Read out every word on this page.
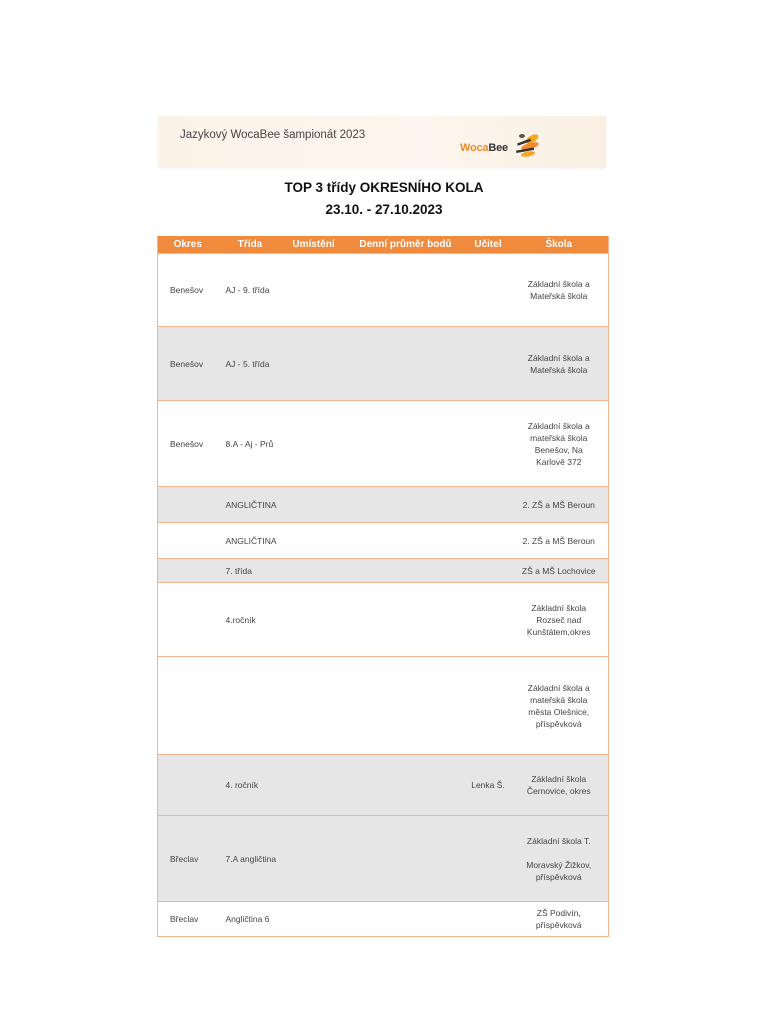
Jazykový WocaBee šampionát 2023
WocaBee
TOP 3 třídy OKRESNÍHO KOLA
23.10. - 27.10.2023
Okres	Třída	Umístění	Denní průměr bodů	Učitel	Škola
Benešov	AJ - 9. třída				Základní škola a
Mateřská škola
Benešov	AJ - 5. třída				Základní škola a
Mateřská škola
Benešov	8.A - Aj - Prů				Základní škola a
mateřská škola
Benešov, Na
Karlově 372
	ANGLIČTINA				2. ZŠ a MŠ Beroun
	ANGLIČTINA				2. ZŠ a MŠ Beroun
	7. třída				ZŠ a MŠ Lochovice
	4.ročník				Základní škola
Rozseč nad
Kunštátem,okres
					Základní škola a
mateřská škola
města Olešnice,
příspěvková
	4. ročník			Lenka Š.	Základní škola
Černovice, okres
Břeclav	7.A angličtina				Základní škola T.

Moravský Žižkov,
příspěvková
Břeclav	Angličtina 6				ZŠ Podivín,
příspěvková
